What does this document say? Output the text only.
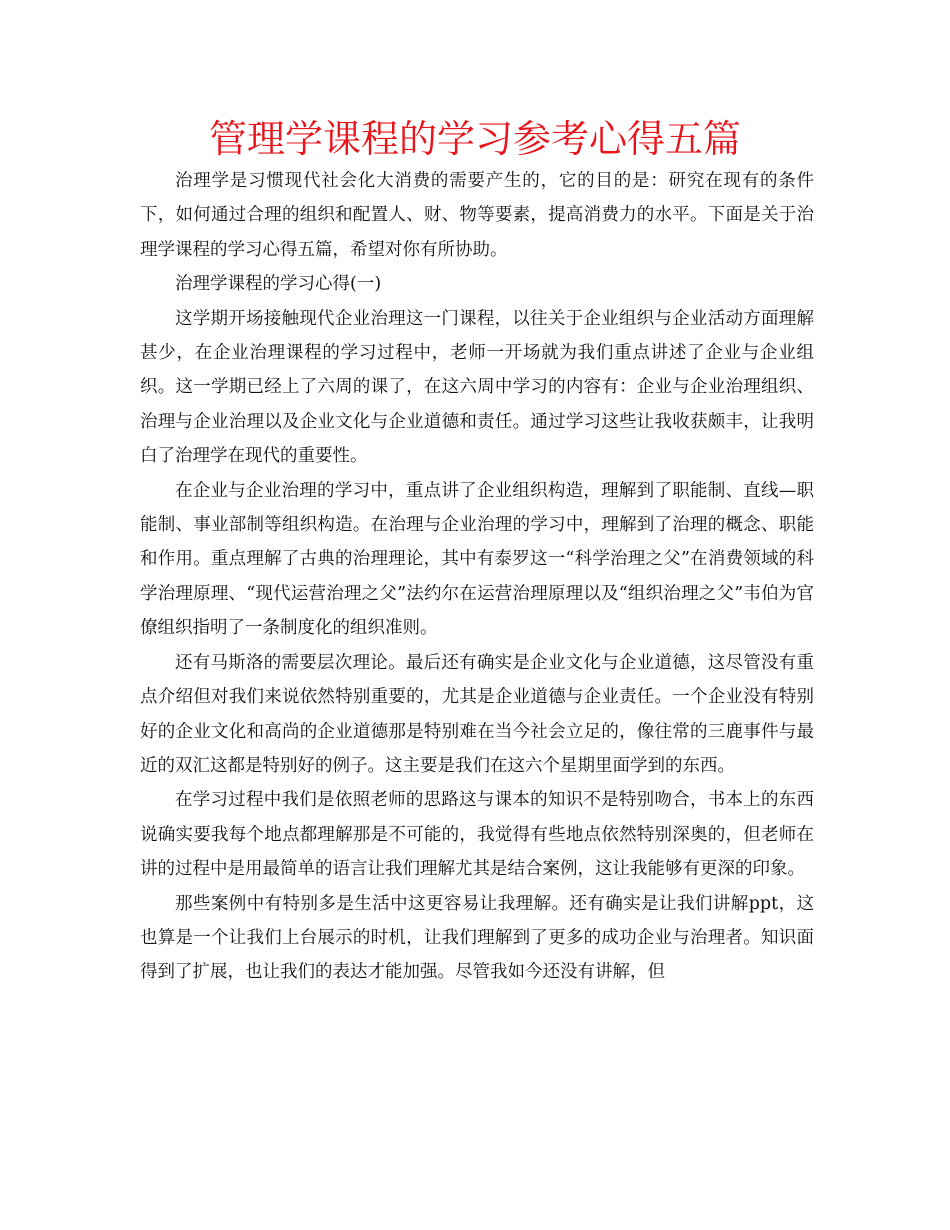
管理学课程的学习参考心得五篇

治理学是习惯现代社会化大消费的需要产生的，它的目的是：研究在现有的条件下，如何通过合理的组织和配置人、财、物等要素，提高消费力的水平。下面是关于治理学课程的学习心得五篇，希望对你有所协助。

治理学课程的学习心得(一)

这学期开场接触现代企业治理这一门课程，以往关于企业组织与企业活动方面理解甚少，在企业治理课程的学习过程中，老师一开场就为我们重点讲述了企业与企业组织。这一学期已经上了六周的课了，在这六周中学习的内容有：企业与企业治理组织、治理与企业治理以及企业文化与企业道德和责任。通过学习这些让我收获颇丰，让我明白了治理学在现代的重要性。

在企业与企业治理的学习中，重点讲了企业组织构造，理解到了职能制、直线—职能制、事业部制等组织构造。在治理与企业治理的学习中，理解到了治理的概念、职能和作用。重点理解了古典的治理理论，其中有泰罗这一“科学治理之父”在消费领域的科学治理原理、“现代运营治理之父”法约尔在运营治理原理以及“组织治理之父”韦伯为官僚组织指明了一条制度化的组织准则。

还有马斯洛的需要层次理论。最后还有确实是企业文化与企业道德，这尽管没有重点介绍但对我们来说依然特别重要的，尤其是企业道德与企业责任。一个企业没有特别好的企业文化和高尚的企业道德那是特别难在当今社会立足的，像往常的三鹿事件与最近的双汇这都是特别好的例子。这主要是我们在这六个星期里面学到的东西。

在学习过程中我们是依照老师的思路这与课本的知识不是特别吻合，书本上的东西说确实要我每个地点都理解那是不可能的，我觉得有些地点依然特别深奥的，但老师在讲的过程中是用最简单的语言让我们理解尤其是结合案例，这让我能够有更深的印象。

那些案例中有特别多是生活中这更容易让我理解。还有确实是让我们讲解ppt，这也算是一个让我们上台展示的时机，让我们理解到了更多的成功企业与治理者。知识面得到了扩展，也让我们的表达才能加强。尽管我如今还没有讲解，但
